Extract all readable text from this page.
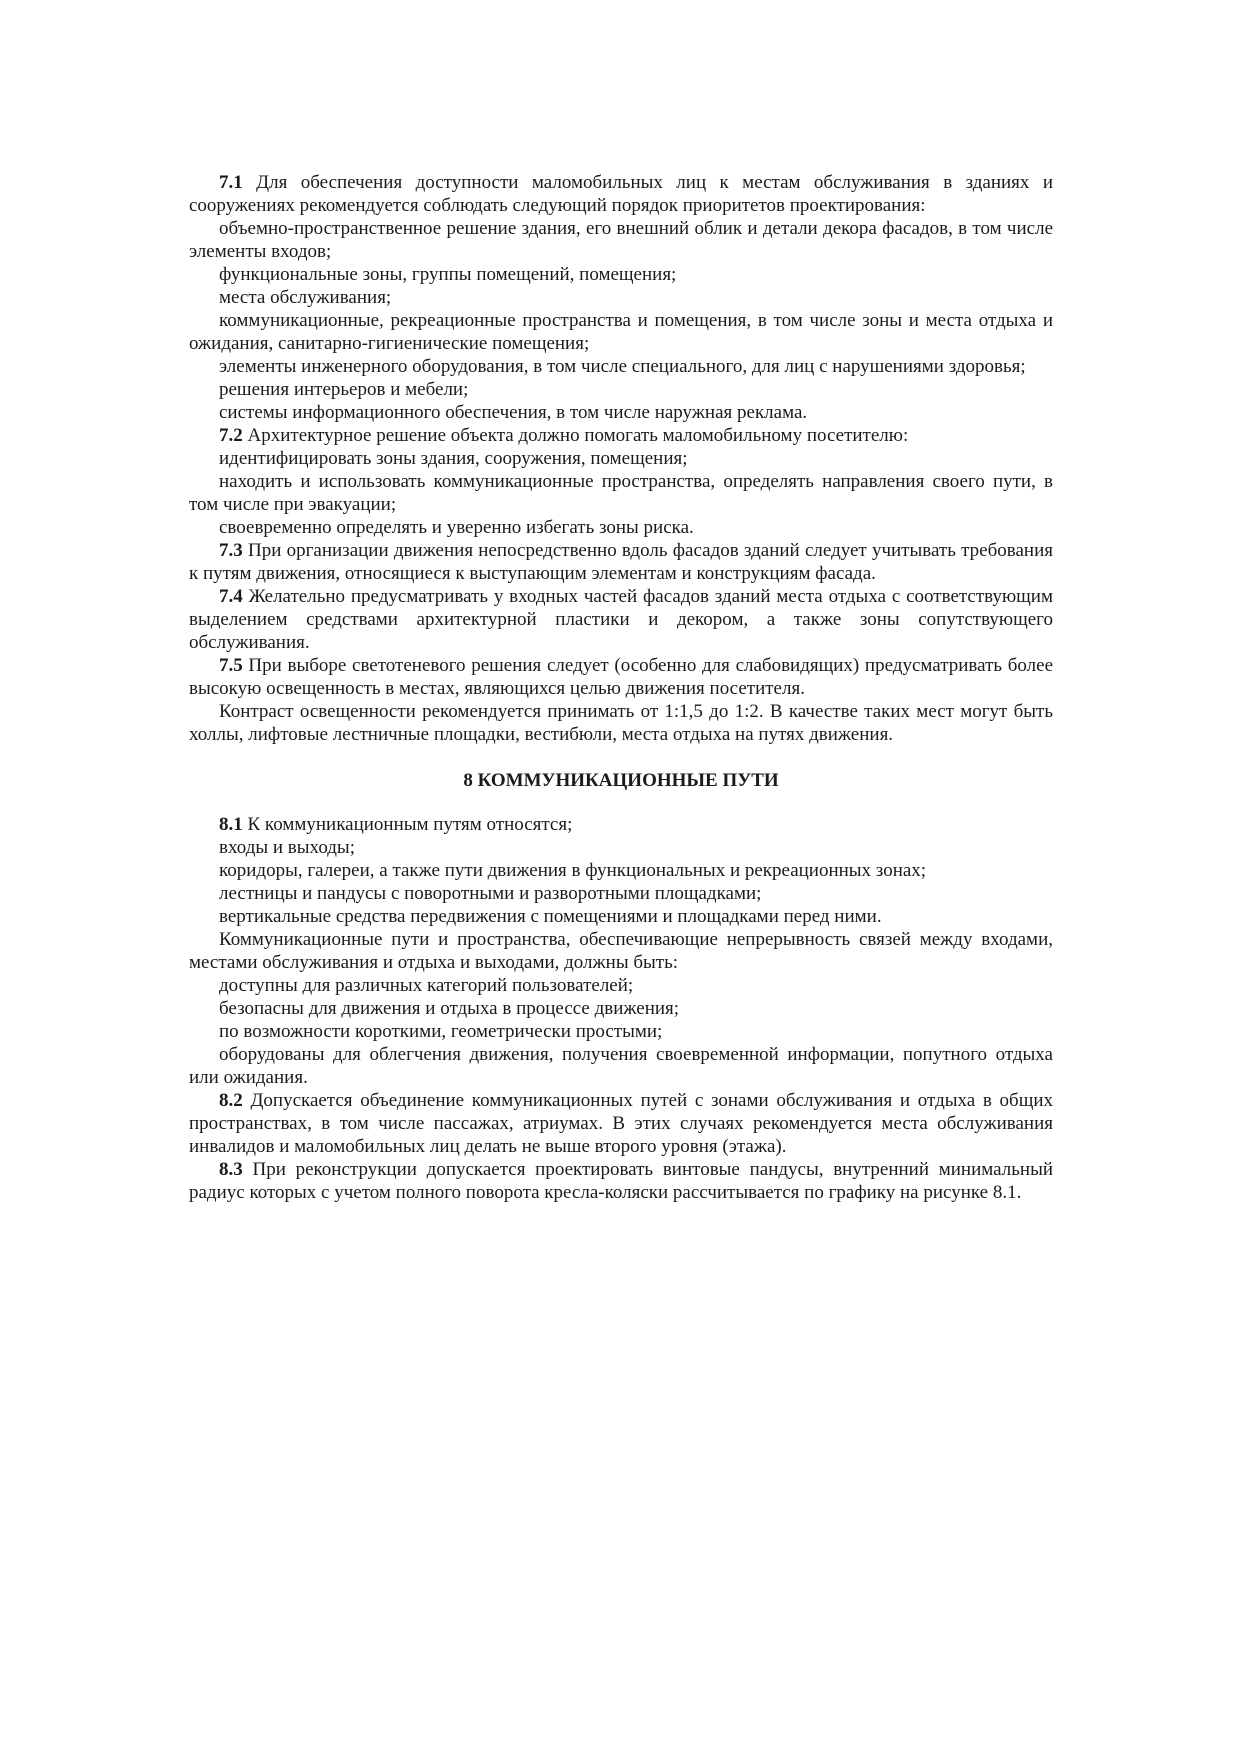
7.1 Для обеспечения доступности маломобильных лиц к местам обслуживания в зданиях и сооружениях рекомендуется соблюдать следующий порядок приоритетов проектирования:

объемно-пространственное решение здания, его внешний облик и детали декора фасадов, в том числе элементы входов;

функциональные зоны, группы помещений, помещения;

места обслуживания;

коммуникационные, рекреационные пространства и помещения, в том числе зоны и места отдыха и ожидания, санитарно-гигиенические помещения;

элементы инженерного оборудования, в том числе специального, для лиц с нарушениями здоровья;

решения интерьеров и мебели;

системы информационного обеспечения, в том числе наружная реклама.

7.2 Архитектурное решение объекта должно помогать маломобильному посетителю:

идентифицировать зоны здания, сооружения, помещения;

находить и использовать коммуникационные пространства, определять направления своего пути, в том числе при эвакуации;

своевременно определять и уверенно избегать зоны риска.

7.3 При организации движения непосредственно вдоль фасадов зданий следует учитывать требования к путям движения, относящиеся к выступающим элементам и конструкциям фасада.

7.4 Желательно предусматривать у входных частей фасадов зданий места отдыха с соответствующим выделением средствами архитектурной пластики и декором, а также зоны сопутствующего обслуживания.

7.5 При выборе светотеневого решения следует (особенно для слабовидящих) предусматривать более высокую освещенность в местах, являющихся целью движения посетителя.

Контраст освещенности рекомендуется принимать от 1:1,5 до 1:2. В качестве таких мест могут быть холлы, лифтовые лестничные площадки, вестибюли, места отдыха на путях движения.

8 КОММУНИКАЦИОННЫЕ ПУТИ

8.1 К коммуникационным путям относятся;

входы и выходы;

коридоры, галереи, а также пути движения в функциональных и рекреационных зонах;

лестницы и пандусы с поворотными и разворотными площадками;

вертикальные средства передвижения с помещениями и площадками перед ними.

Коммуникационные пути и пространства, обеспечивающие непрерывность связей между входами, местами обслуживания и отдыха и выходами, должны быть:

доступны для различных категорий пользователей;

безопасны для движения и отдыха в процессе движения;

по возможности короткими, геометрически простыми;

оборудованы для облегчения движения, получения своевременной информации, попутного отдыха или ожидания.

8.2 Допускается объединение коммуникационных путей с зонами обслуживания и отдыха в общих пространствах, в том числе пассажах, атриумах. В этих случаях рекомендуется места обслуживания инвалидов и маломобильных лиц делать не выше второго уровня (этажа).

8.3 При реконструкции допускается проектировать винтовые пандусы, внутренний минимальный радиус которых с учетом полного поворота кресла-коляски рассчитывается по графику на рисунке 8.1.
